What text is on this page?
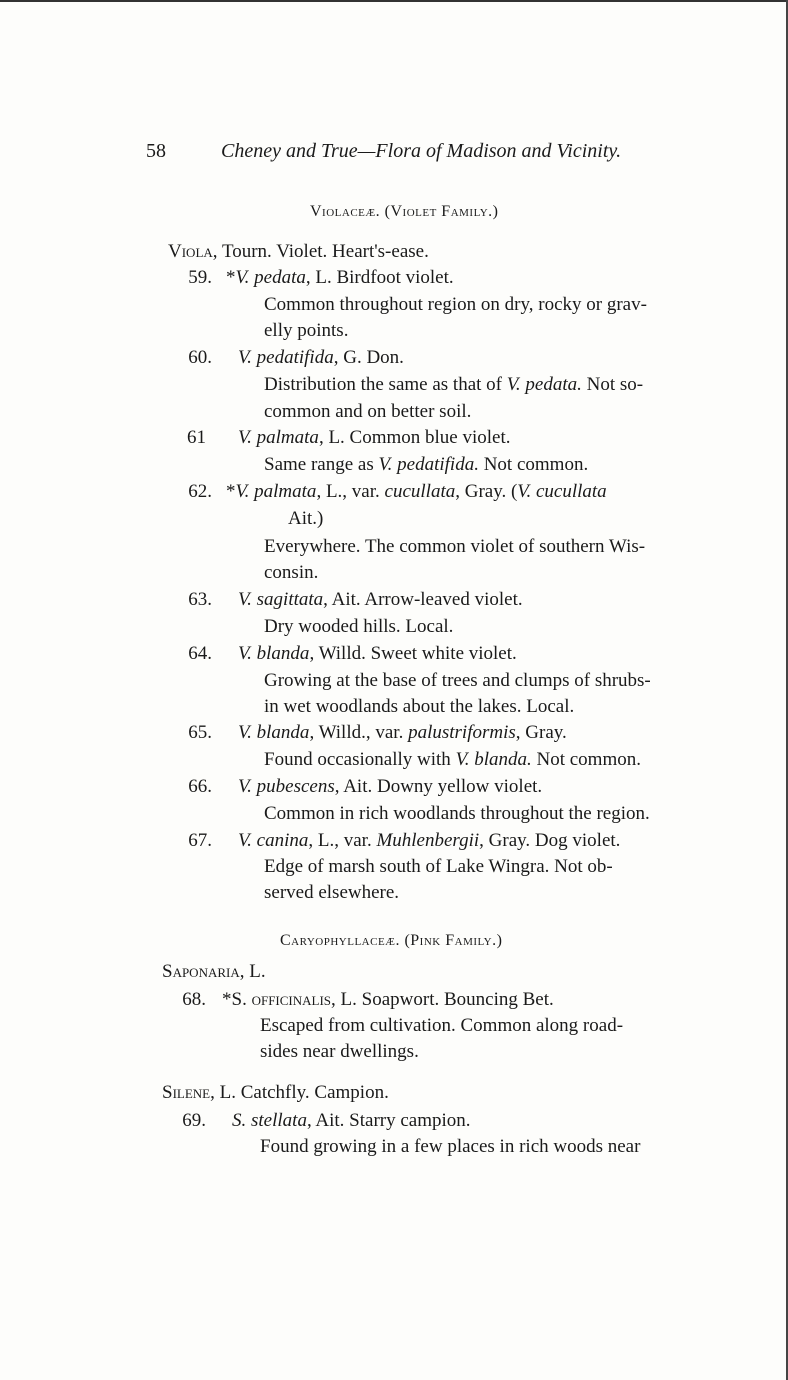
58	Cheney and True—Flora of Madison and Vicinity.
Violaceæ. (Violet Family.)
Viola, Tourn. Violet. Heart's-ease.
59. *V. pedata, L. Birdfoot violet.
Common throughout region on dry, rocky or grav-
elly points.
60. V. pedatifida, G. Don.
Distribution the same as that of V. pedata. Not so-
common and on better soil.
61 V. palmata, L. Common blue violet.
Same range as V. pedatifida. Not common.
62. *V. palmata, L., var. cucullata, Gray. (V. cucullata
Ait.)
Everywhere. The common violet of southern Wis-
consin.
63. V. sagittata, Ait. Arrow-leaved violet.
Dry wooded hills. Local.
64. V. blanda, Willd. Sweet white violet.
Growing at the base of trees and clumps of shrubs-
in wet woodlands about the lakes. Local.
65. V. blanda, Willd., var. palustriformis, Gray.
Found occasionally with V. blanda. Not common.
66. V. pubescens, Ait. Downy yellow violet.
Common in rich woodlands throughout the region.
67. V. canina, L., var. Muhlenbergii, Gray. Dog violet.
Edge of marsh south of Lake Wingra. Not ob-
served elsewhere.
Caryophyllaceæ. (Pink Family.)
Saponaria, L.
68. *S. officinalis, L. Soapwort. Bouncing Bet.
Escaped from cultivation. Common along road-
sides near dwellings.
Silene, L. Catchfly. Campion.
69. S. stellata, Ait. Starry campion.
Found growing in a few places in rich woods near
